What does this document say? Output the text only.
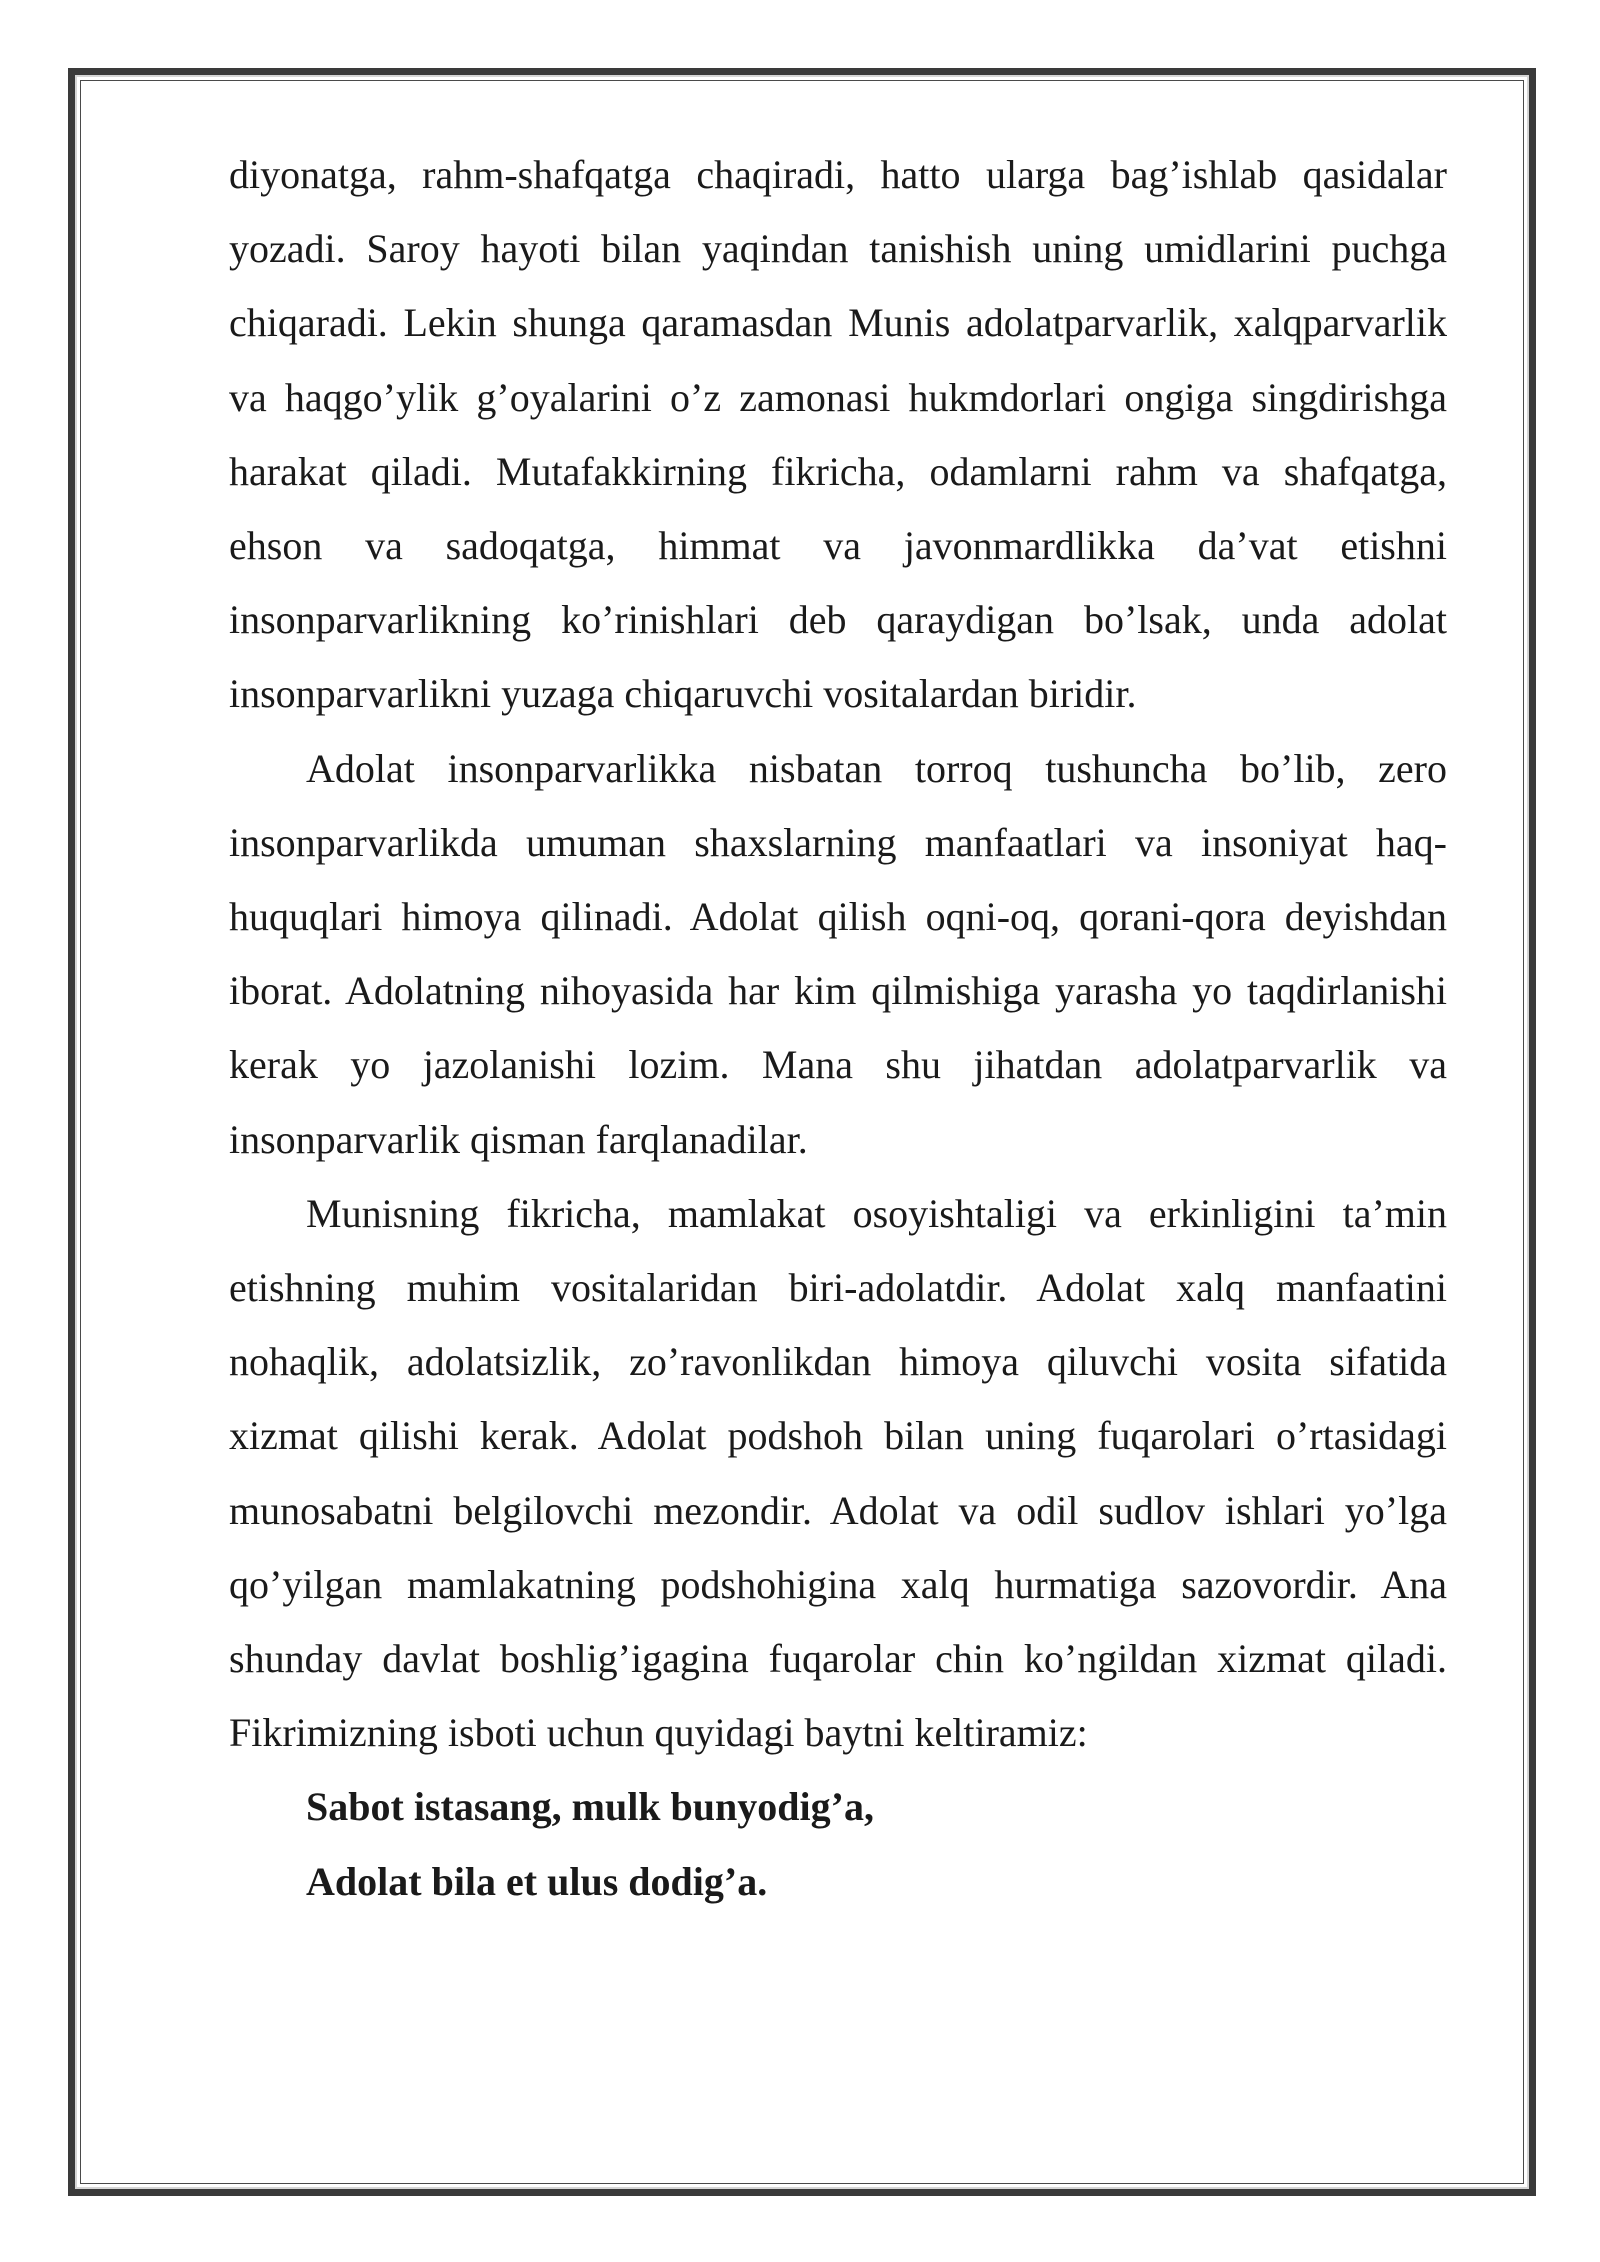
diyonatga, rahm-shafqatga chaqiradi, hatto ularga bag’ishlab qasidalar yozadi. Saroy hayoti bilan yaqindan tanishish uning umidlarini puchga chiqaradi. Lekin shunga qaramasdan Munis adolatparvarlik, xalqparvarlik va haqgo’ylik g’oyalarini o’z zamonasi hukmdorlari ongiga singdirishga harakat qiladi. Mutafakkirning fikricha, odamlarni rahm va shafqatga, ehson va sadoqatga, himmat va javonmardlikka da’vat etishni insonparvarlikning ko’rinishlari deb qaraydigan bo’lsak, unda adolat insonparvarlikni yuzaga chiqaruvchi vositalardan biridir.

Adolat insonparvarlikka nisbatan torroq tushuncha bo’lib, zero insonparvarlikda umuman shaxslarning manfaatlari va insoniyat haq-huquqlari himoya qilinadi. Adolat qilish oqni-oq, qorani-qora deyishdan iborat. Adolatning nihoyasida har kim qilmishiga yarasha yo taqdirlanishi kerak yo jazolanishi lozim. Mana shu jihatdan adolatparvarlik va insonparvarlik qisman farqlanadilar.

Munisning fikricha, mamlakat osoyishtaligi va erkinligini ta’min etishning muhim vositalaridan biri-adolatdir. Adolat xalq manfaatini nohaqlik, adolatsizlik, zo’ravonlikdan himoya qiluvchi vosita sifatida xizmat qilishi kerak. Adolat podshoh bilan uning fuqarolari o’rtasidagi munosabatni belgilovchi mezondir. Adolat va odil sudlov ishlari yo’lga qo’yilgan mamlakatning podshohigina xalq hurmatiga sazovordir. Ana shunday davlat boshlig’igagina fuqarolar chin ko’ngildan xizmat qiladi. Fikrimizning isboti uchun quyidagi baytni keltiramiz:

Sabot istasang, mulk bunyodig’a,

Adolat bila et ulus dodig’a.
